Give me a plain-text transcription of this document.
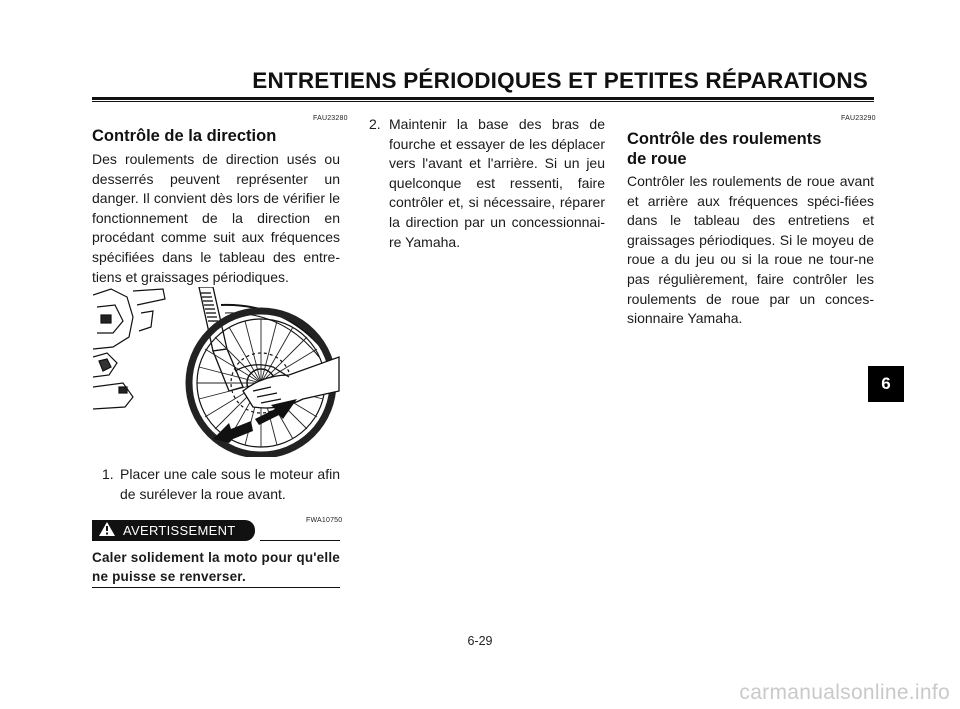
ENTRETIENS PÉRIODIQUES ET PETITES RÉPARATIONS
FAU23280
Contrôle de la direction
Des roulements de direction usés ou desserrés peuvent représenter un danger. Il convient dès lors de vérifier le fonctionnement de la direction en procédant comme suit aux fréquences spécifiées dans le tableau des entre-tiens et graissages périodiques.
1. Placer une cale sous le moteur afin de surélever la roue avant.
FWA10750
AVERTISSEMENT
Caler solidement la moto pour qu'elle ne puisse se renverser.
2. Maintenir la base des bras de fourche et essayer de les déplacer vers l'avant et l'arrière. Si un jeu quelconque est ressenti, faire contrôler et, si nécessaire, réparer la direction par un concessionnai-re Yamaha.
FAU23290
Contrôle des roulements
de roue
Contrôler les roulements de roue avant et arrière aux fréquences spéci-fiées dans le tableau des entretiens et graissages périodiques. Si le moyeu de roue a du jeu ou si la roue ne tour-ne pas régulièrement, faire contrôler les roulements de roue par un conces-sionnaire Yamaha.
6
6-29
carmanualsonline.info
